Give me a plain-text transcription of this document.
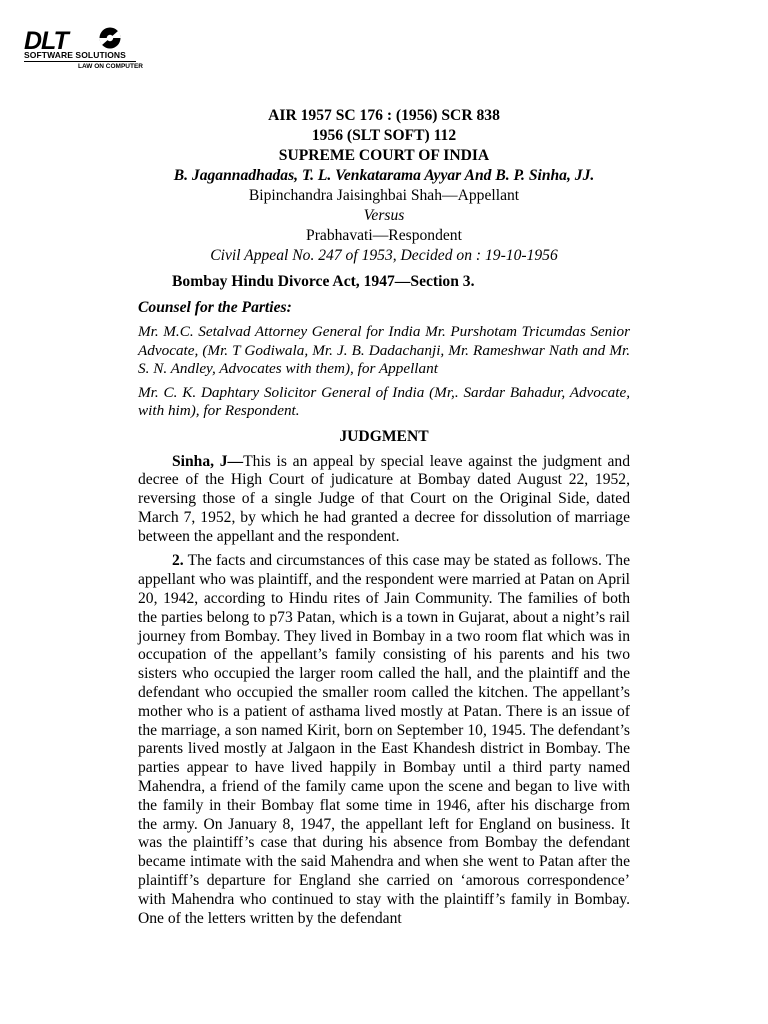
DLT
SOFTWARE SOLUTIONS
LAW ON COMPUTER

AIR 1957 SC 176 : (1956) SCR 838

1956 (SLT SOFT) 112

SUPREME COURT OF INDIA

B. Jagannadhadas, T. L. Venkatarama Ayyar And B. P. Sinha, JJ.

Bipinchandra Jaisinghbai Shah—Appellant

Versus

Prabhavati—Respondent

Civil Appeal No. 247 of 1953, Decided on : 19-10-1956

Bombay Hindu Divorce Act, 1947—Section 3.

Counsel for the Parties:

Mr. M.C. Setalvad Attorney General for India Mr. Purshotam Tricumdas Senior Advocate, (Mr. T Godiwala, Mr. J. B. Dadachanji, Mr. Rameshwar Nath and Mr. S. N. Andley, Advocates with them), for Appellant

Mr. C. K. Daphtary Solicitor General of India (Mr,. Sardar Bahadur, Advocate, with him), for Respondent.

JUDGMENT

Sinha, J—This is an appeal by special leave against the judgment and decree of the High Court of judicature at Bombay dated August 22, 1952, reversing those of a single Judge of that Court on the Original Side, dated March 7, 1952, by which he had granted a decree for dissolution of marriage between the appellant and the respondent.

2. The facts and circumstances of this case may be stated as follows. The appellant who was plaintiff, and the respondent were married at Patan on April 20, 1942, according to Hindu rites of Jain Community. The families of both the parties belong to p73 Patan, which is a town in Gujarat, about a night’s rail journey from Bombay. They lived in Bombay in a two room flat which was in occupation of the appellant’s family consisting of his parents and his two sisters who occupied the larger room called the hall, and the plaintiff and the defendant who occupied the smaller room called the kitchen. The appellant’s mother who is a patient of asthama lived mostly at Patan. There is an issue of the marriage, a son named Kirit, born on September 10, 1945. The defendant’s parents lived mostly at Jalgaon in the East Khandesh district in Bombay. The parties appear to have lived happily in Bombay until a third party named Mahendra, a friend of the family came upon the scene and began to live with the family in their Bombay flat some time in 1946, after his discharge from the army. On January 8, 1947, the appellant left for England on business. It was the plaintiff’s case that during his absence from Bombay the defendant became intimate with the said Mahendra and when she went to Patan after the plaintiff’s departure for England she carried on ‘amorous correspondence’ with Mahendra who continued to stay with the plaintiff’s family in Bombay. One of the letters written by the defendant
